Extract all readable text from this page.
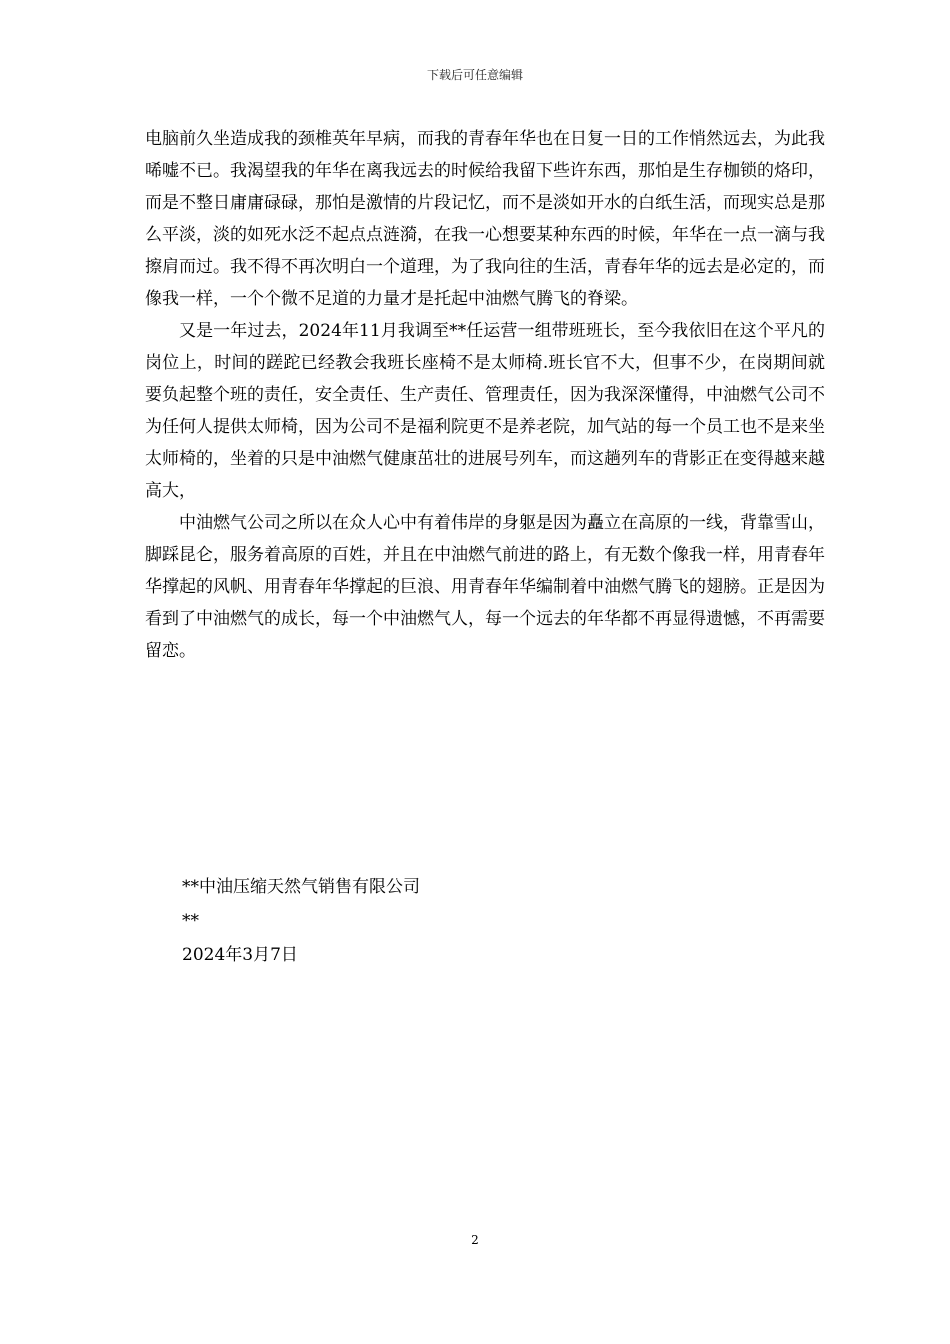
下载后可任意编辑

电脑前久坐造成我的颈椎英年早病，而我的青春年华也在日复一日的工作悄然远去，为此我唏嘘不已。我渴望我的年华在离我远去的时候给我留下些许东西，那怕是生存枷锁的烙印，而是不整日庸庸碌碌，那怕是激情的片段记忆，而不是淡如开水的白纸生活，而现实总是那么平淡，淡的如死水泛不起点点涟漪，在我一心想要某种东西的时候，年华在一点一滴与我擦肩而过。我不得不再次明白一个道理，为了我向往的生活，青春年华的远去是必定的，而像我一样，一个个微不足道的力量才是托起中油燃气腾飞的脊梁。

又是一年过去，2024年11月我调至**任运营一组带班班长，至今我依旧在这个平凡的岗位上，时间的蹉跎已经教会我班长座椅不是太师椅.班长官不大，但事不少，在岗期间就要负起整个班的责任，安全责任、生产责任、管理责任，因为我深深懂得，中油燃气公司不为任何人提供太师椅，因为公司不是福利院更不是养老院，加气站的每一个员工也不是来坐太师椅的，坐着的只是中油燃气健康茁壮的进展号列车，而这趟列车的背影正在变得越来越高大，

中油燃气公司之所以在众人心中有着伟岸的身躯是因为矗立在高原的一线，背靠雪山，脚踩昆仑，服务着高原的百姓，并且在中油燃气前进的路上，有无数个像我一样，用青春年华撑起的风帆、用青春年华撑起的巨浪、用青春年华编制着中油燃气腾飞的翅膀。正是因为看到了中油燃气的成长，每一个中油燃气人，每一个远去的年华都不再显得遗憾，不再需要留恋。

**中油压缩天然气销售有限公司
**
2024年3月7日
2
